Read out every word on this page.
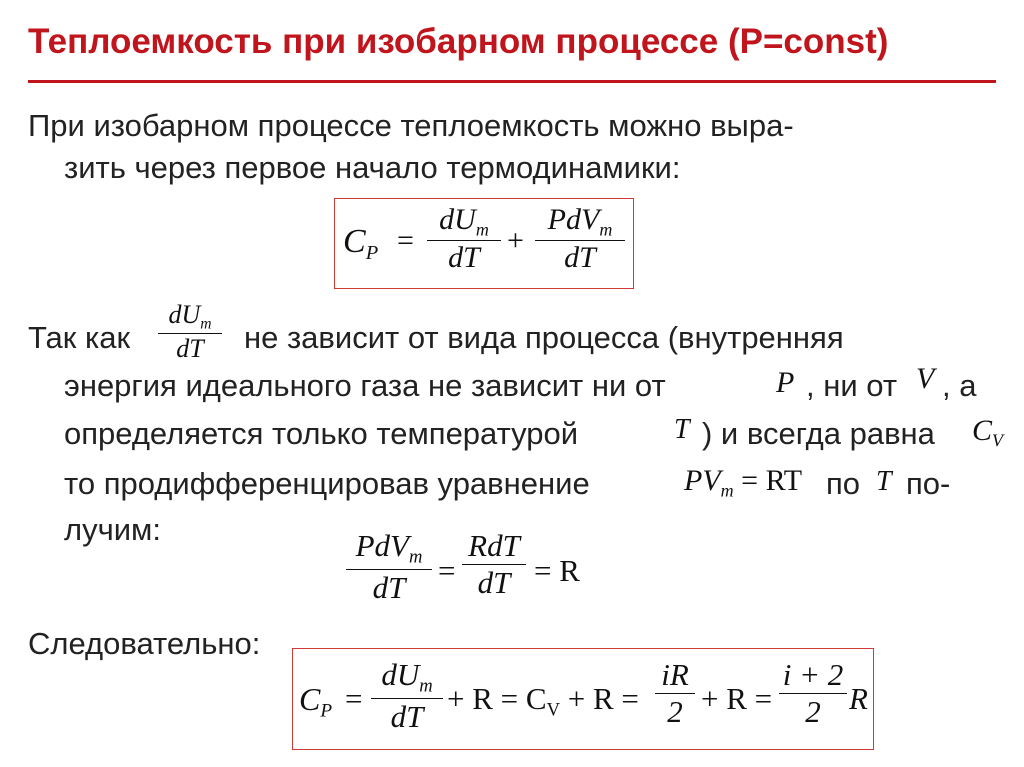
Теплоемкость при изобарном процессе (P=const)
При изобарном процессе теплоемкость можно выра-
зить через первое начало термодинамики:
$C_P$ =
$dU_m$
dT
+
PdV$_m$
dT
Так как
$dU_m$
dT	не зависит от вида процесса (внутренняя
энергия идеального газа не зависит ни от	P , ни от V , а
определяется только температурой	T ) и всегда равна $C_V$
то продифференцировав уравнение	$PV_m$ = RT по T по-
лучим:	PdV$_m$
dT	=
RdT
dT = R
Следовательно:
$C_P$ =
$dU_m$
dT + $R = C_V + R$ =
iR
2 + R =
i + 2
2 R
